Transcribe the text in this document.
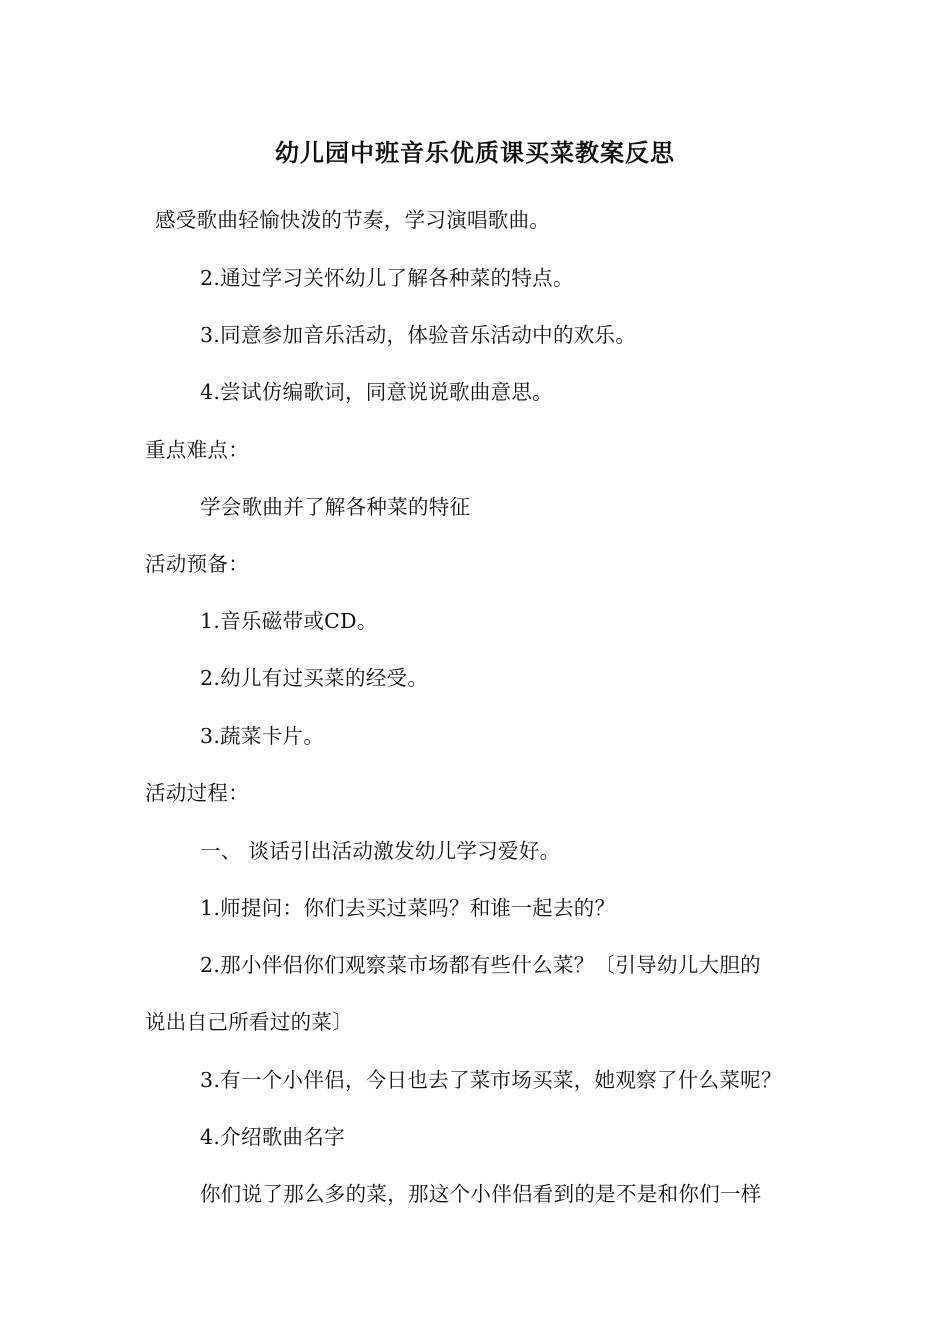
幼儿园中班音乐优质课买菜教案反思
感受歌曲轻愉快泼的节奏，学习演唱歌曲。
2.通过学习关怀幼儿了解各种菜的特点。
3.同意参加音乐活动，体验音乐活动中的欢乐。
4.尝试仿编歌词，同意说说歌曲意思。
重点难点：
学会歌曲并了解各种菜的特征
活动预备：
1.音乐磁带或CD。
2.幼儿有过买菜的经受。
3.蔬菜卡片。
活动过程：
一、 谈话引出活动激发幼儿学习爱好。
1.师提问：你们去买过菜吗？和谁一起去的？
2.那小伴侣你们观察菜市场都有些什么菜？〔引导幼儿大胆的
说出自己所看过的菜〕
3.有一个小伴侣，今日也去了菜市场买菜，她观察了什么菜呢？
4.介绍歌曲名字
你们说了那么多的菜，那这个小伴侣看到的是不是和你们一样
